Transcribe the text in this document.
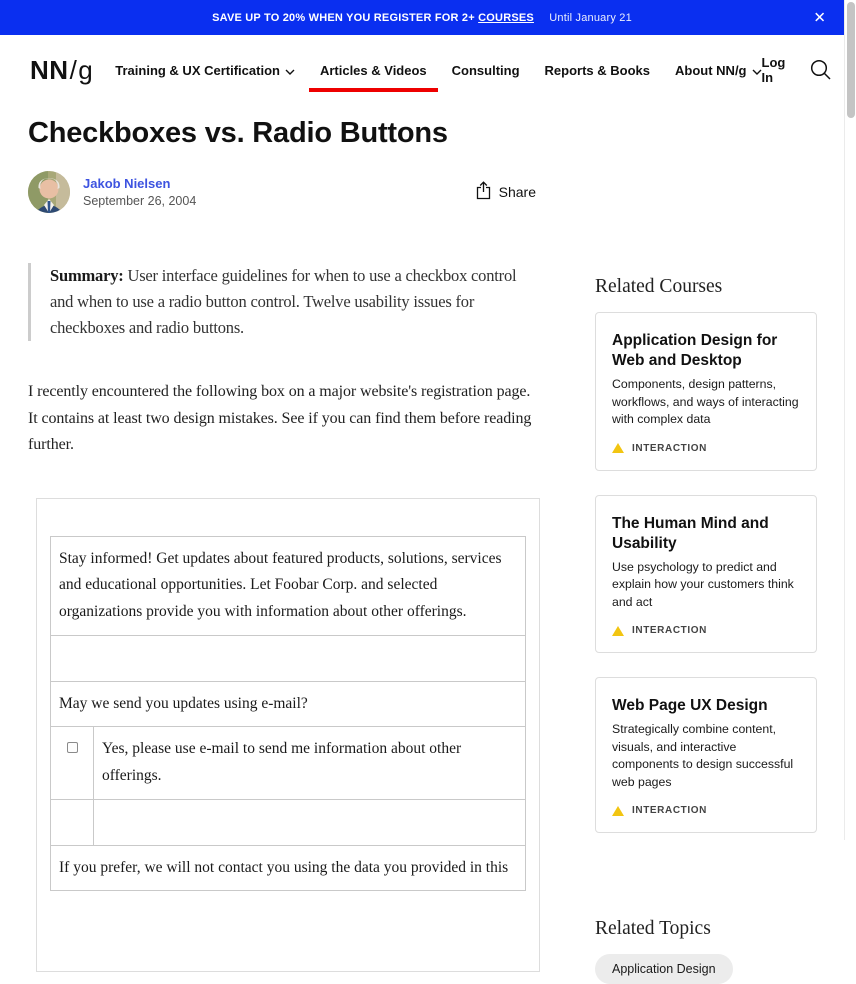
SAVE UP TO 20% WHEN YOU REGISTER FOR 2+ COURSES Until January 21	✕
NN/g Training & UX Certification	Articles & Videos Consulting Reports & Books About NN/g Log In
Checkboxes vs. Radio Buttons
Jakob Nielsen
September 26, 2004
Share
Summary: User interface guidelines for when to use a checkbox control and when to use a radio button control. Twelve usability issues for checkboxes and radio buttons.

I recently encountered the following box on a major website's registration page. It contains at least two design mistakes. See if you can find them before reading further.

Stay informed! Get updates about featured products, solutions, services and educational opportunities. Let Foobar Corp. and selected organizations provide you with information about other offerings.	

May we send you updates using e-mail?	
	Yes, please use e-mail to send me information about other offerings.

If you prefer, we will not contact you using the data you provided in this	
Related Courses
Application Design for Web and Desktop
Components, design patterns, workflows, and ways of interacting with complex data
INTERACTION
The Human Mind and Usability
Use psychology to predict and explain how your customers think and act
INTERACTION
Web Page UX Design
Strategically combine content, visuals, and interactive components to design successful web pages
INTERACTION
Related Topics
Application Design
